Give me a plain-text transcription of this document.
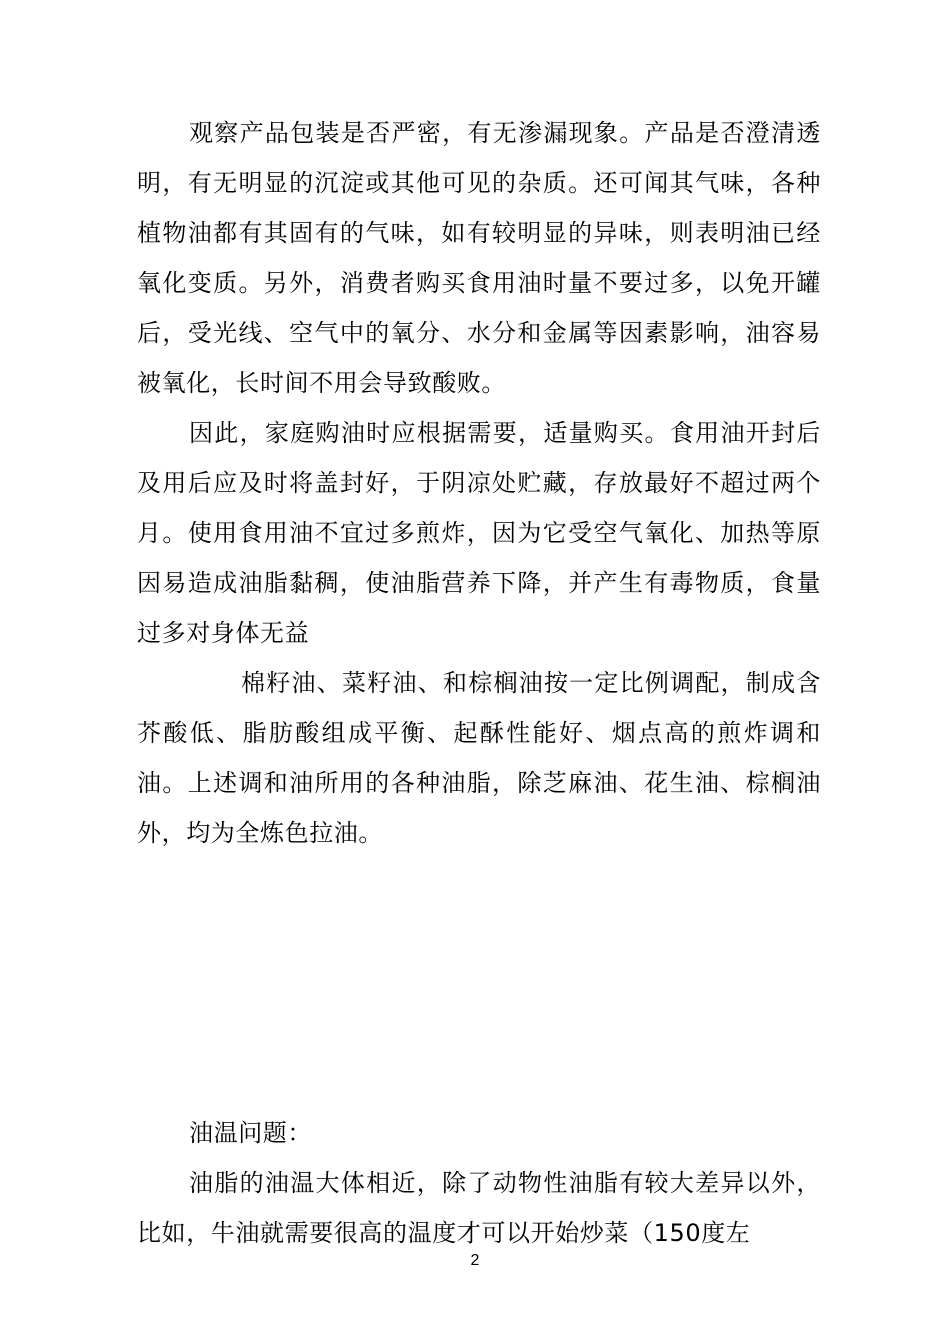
观察产品包装是否严密，有无渗漏现象。产品是否澄清透明，有无明显的沉淀或其他可见的杂质。还可闻其气味，各种植物油都有其固有的气味，如有较明显的异味，则表明油已经氧化变质。另外，消费者购买食用油时量不要过多，以免开罐后，受光线、空气中的氧分、水分和金属等因素影响，油容易被氧化，长时间不用会导致酸败。

因此，家庭购油时应根据需要，适量购买。食用油开封后及用后应及时将盖封好，于阴凉处贮藏，存放最好不超过两个月。使用食用油不宜过多煎炸，因为它受空气氧化、加热等原因易造成油脂黏稠，使油脂营养下降，并产生有毒物质，食量过多对身体无益

棉籽油、菜籽油、和棕榈油按一定比例调配，制成含芥酸低、脂肪酸组成平衡、起酥性能好、烟点高的煎炸调和油。上述调和油所用的各种油脂，除芝麻油、花生油、棕榈油外，均为全炼色拉油。

油温问题：

油脂的油温大体相近，除了动物性油脂有较大差异以外，比如，牛油就需要很高的温度才可以开始炒菜（150度左

2
